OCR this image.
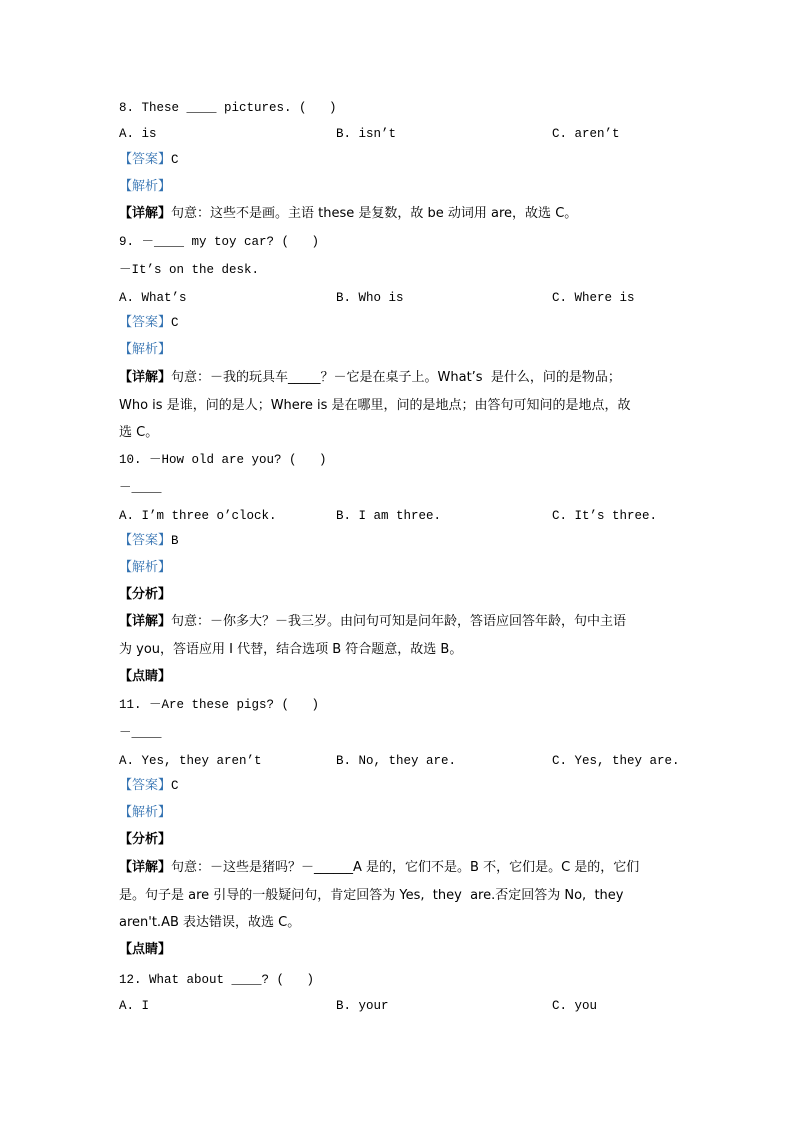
8. These ____ pictures. (   )
A. is	B. isn’t	C. aren’t
【答案】C
【解析】
【详解】句意：这些不是画。主语 these 是复数，故 be 动词用 are，故选 C。
9. －____ my toy car? (   )
－It’s on the desk.
A. What’s	B. Who is	C. Where is
【答案】C
【解析】
【详解】句意：－我的玩具车_____？－它是在桌子上。What’s  是什么，问的是物品；
Who is 是谁，问的是人；Where is 是在哪里，问的是地点；由答句可知问的是地点，故
选 C。
10. －How old are you? (   )
－____
A. I’m three o’clock.	B. I am three.	C. It’s three.
【答案】B
【解析】
【分析】
【详解】句意：－你多大？－我三岁。由问句可知是问年龄，答语应回答年龄，句中主语
为 you，答语应用 I 代替，结合选项 B 符合题意，故选 B。
【点睛】
11. －Are these pigs? (   )
－____
A. Yes, they aren’t	B. No, they are.	C. Yes, they are.
【答案】C
【解析】
【分析】
【详解】句意：－这些是猪吗？－______A 是的，它们不是。B 不，它们是。C 是的，它们
是。句子是 are 引导的一般疑问句，肯定回答为 Yes,  they  are.否定回答为 No,  they
aren't.AB 表达错误，故选 C。
【点睛】
12. What about ____? (   )
A. I	B. your	C. you
